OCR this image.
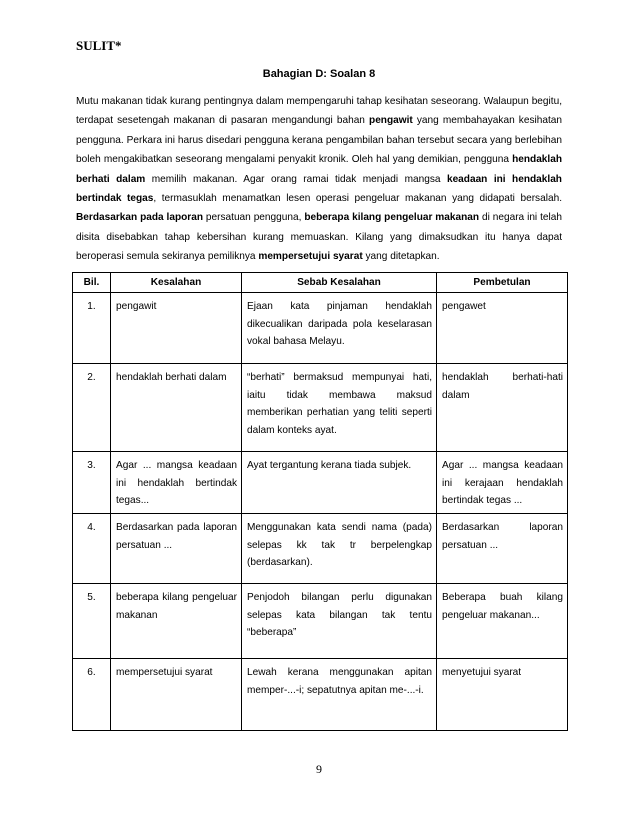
SULIT*
Bahagian D: Soalan 8

Mutu makanan tidak kurang pentingnya dalam mempengaruhi tahap kesihatan seseorang. Walaupun begitu, terdapat sesetengah makanan di pasaran mengandungi bahan pengawit yang membahayakan kesihatan pengguna. Perkara ini harus disedari pengguna kerana pengambilan bahan tersebut secara yang berlebihan boleh mengakibatkan seseorang mengalami penyakit kronik. Oleh hal yang demikian, pengguna hendaklah berhati dalam memilih makanan. Agar orang ramai tidak menjadi mangsa keadaan ini hendaklah bertindak tegas, termasuklah menamatkan lesen operasi pengeluar makanan yang didapati bersalah. Berdasarkan pada laporan persatuan pengguna, beberapa kilang pengeluar makanan di negara ini telah disita disebabkan tahap kebersihan kurang memuaskan. Kilang yang dimaksudkan itu hanya dapat beroperasi semula sekiranya pemiliknya mempersetujui syarat yang ditetapkan.

Bil.	Kesalahan	Sebab Kesalahan	Pembetulan
1.	pengawit	Ejaan kata pinjaman hendaklah dikecualikan daripada pola keselarasan vokal bahasa Melayu.	pengawet
2.	hendaklah berhati dalam	“berhati” bermaksud mempunyai hati, iaitu tidak membawa maksud memberikan perhatian yang teliti seperti dalam konteks ayat.	hendaklah berhati-hati dalam
3.	Agar ... mangsa keadaan ini hendaklah bertindak tegas...	Ayat tergantung kerana tiada subjek.	Agar ... mangsa keadaan ini kerajaan hendaklah bertindak tegas ...
4.	Berdasarkan pada laporan persatuan ...	Menggunakan kata sendi nama (pada) selepas kk tak tr berpelengkap (berdasarkan).	Berdasarkan laporan persatuan ...
5.	beberapa kilang pengeluar makanan	Penjodoh bilangan perlu digunakan selepas kata bilangan tak tentu “beberapa”	Beberapa buah kilang pengeluar makanan...
6.	mempersetujui syarat	Lewah kerana menggunakan apitan memper-...-i; sepatutnya apitan me-...-i.	menyetujui syarat
9
